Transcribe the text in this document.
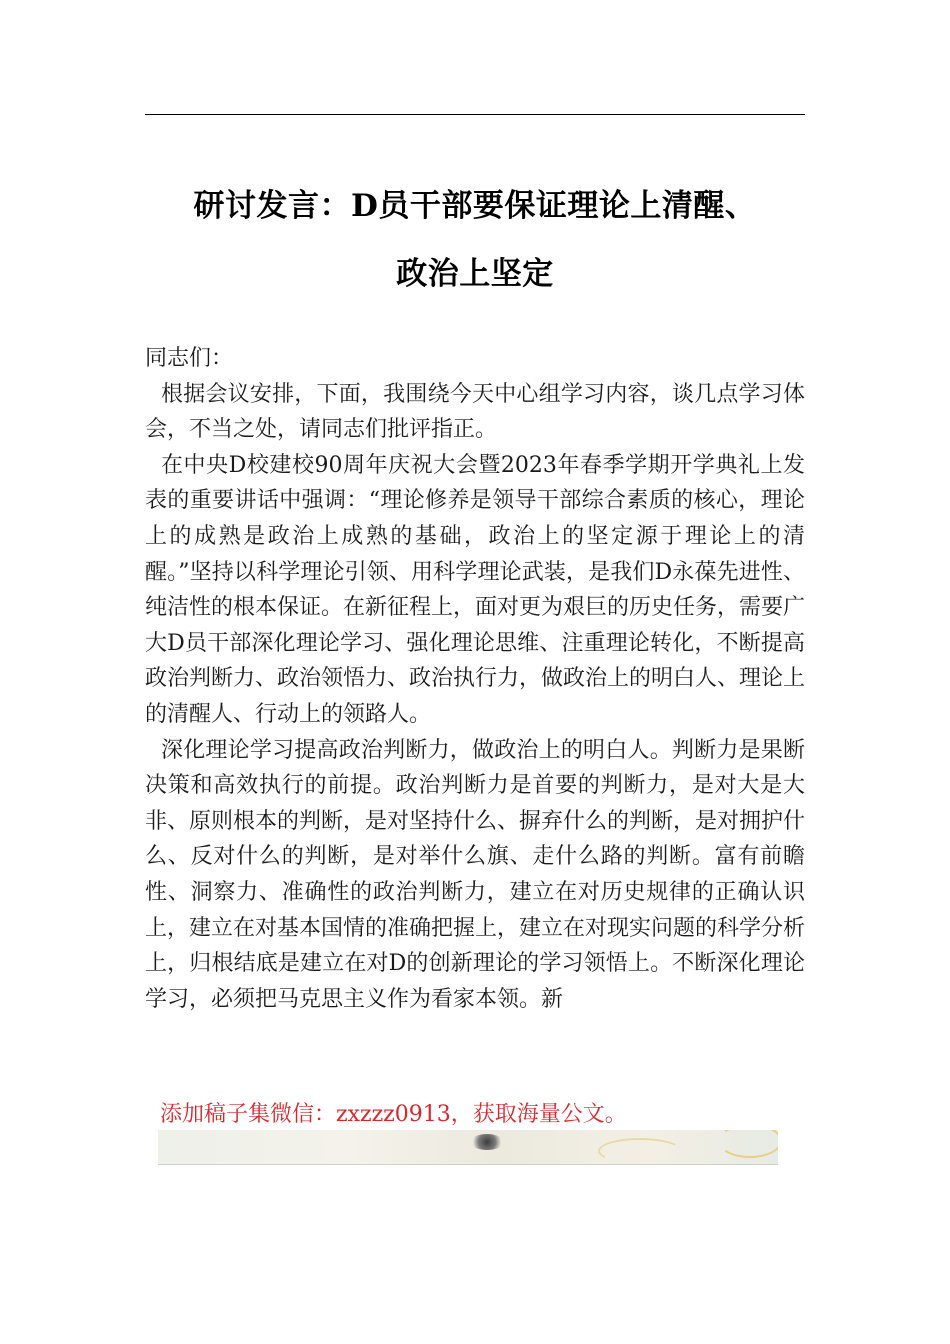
研讨发言：D员干部要保证理论上清醒、
政治上坚定

同志们：

根据会议安排，下面，我围绕今天中心组学习内容，谈几点学习体会，不当之处，请同志们批评指正。

在中央D校建校90周年庆祝大会暨2023年春季学期开学典礼上发表的重要讲话中强调：“理论修养是领导干部综合素质的核心，理论上的成熟是政治上成熟的基础，政治上的坚定源于理论上的清醒。”坚持以科学理论引领、用科学理论武装，是我们D永葆先进性、纯洁性的根本保证。在新征程上，面对更为艰巨的历史任务，需要广大D员干部深化理论学习、强化理论思维、注重理论转化，不断提高政治判断力、政治领悟力、政治执行力，做政治上的明白人、理论上的清醒人、行动上的领路人。

深化理论学习提高政治判断力，做政治上的明白人。判断力是果断决策和高效执行的前提。政治判断力是首要的判断力，是对大是大非、原则根本的判断，是对坚持什么、摒弃什么的判断，是对拥护什么、反对什么的判断，是对举什么旗、走什么路的判断。富有前瞻性、洞察力、准确性的政治判断力，建立在对历史规律的正确认识上，建立在对基本国情的准确把握上，建立在对现实问题的科学分析上，归根结底是建立在对D的创新理论的学习领悟上。不断深化理论学习，必须把马克思主义作为看家本领。新

添加稿子集微信：zxzzz0913，获取海量公文。
